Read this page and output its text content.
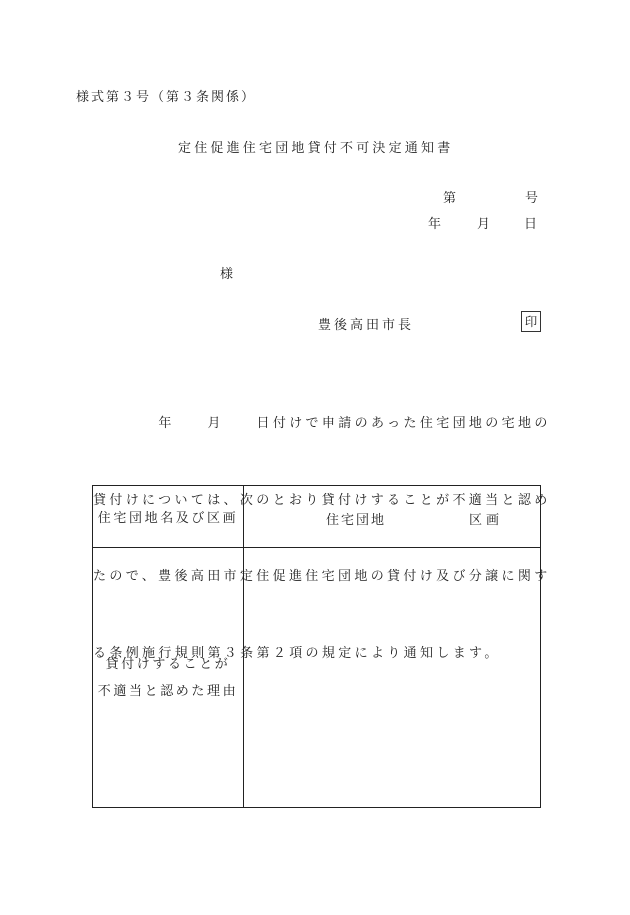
様式第３号（第３条関係）
定住促進住宅団地貸付不可決定通知書
第	号
年	月 日
様
豊後高田市長	印

　　　　年　　月　　日付けで申請のあった住宅団地の宅地の

貸付けについては、次のとおり貸付けすることが不適当と認め

たので、豊後高田市定住促進住宅団地の貸付け及び分譲に関す

る条例施行規則第３条第２項の規定により通知します。

住宅団地名及び区画	住宅団地 区画

貸付けすることが
不適当と認めた理由	
